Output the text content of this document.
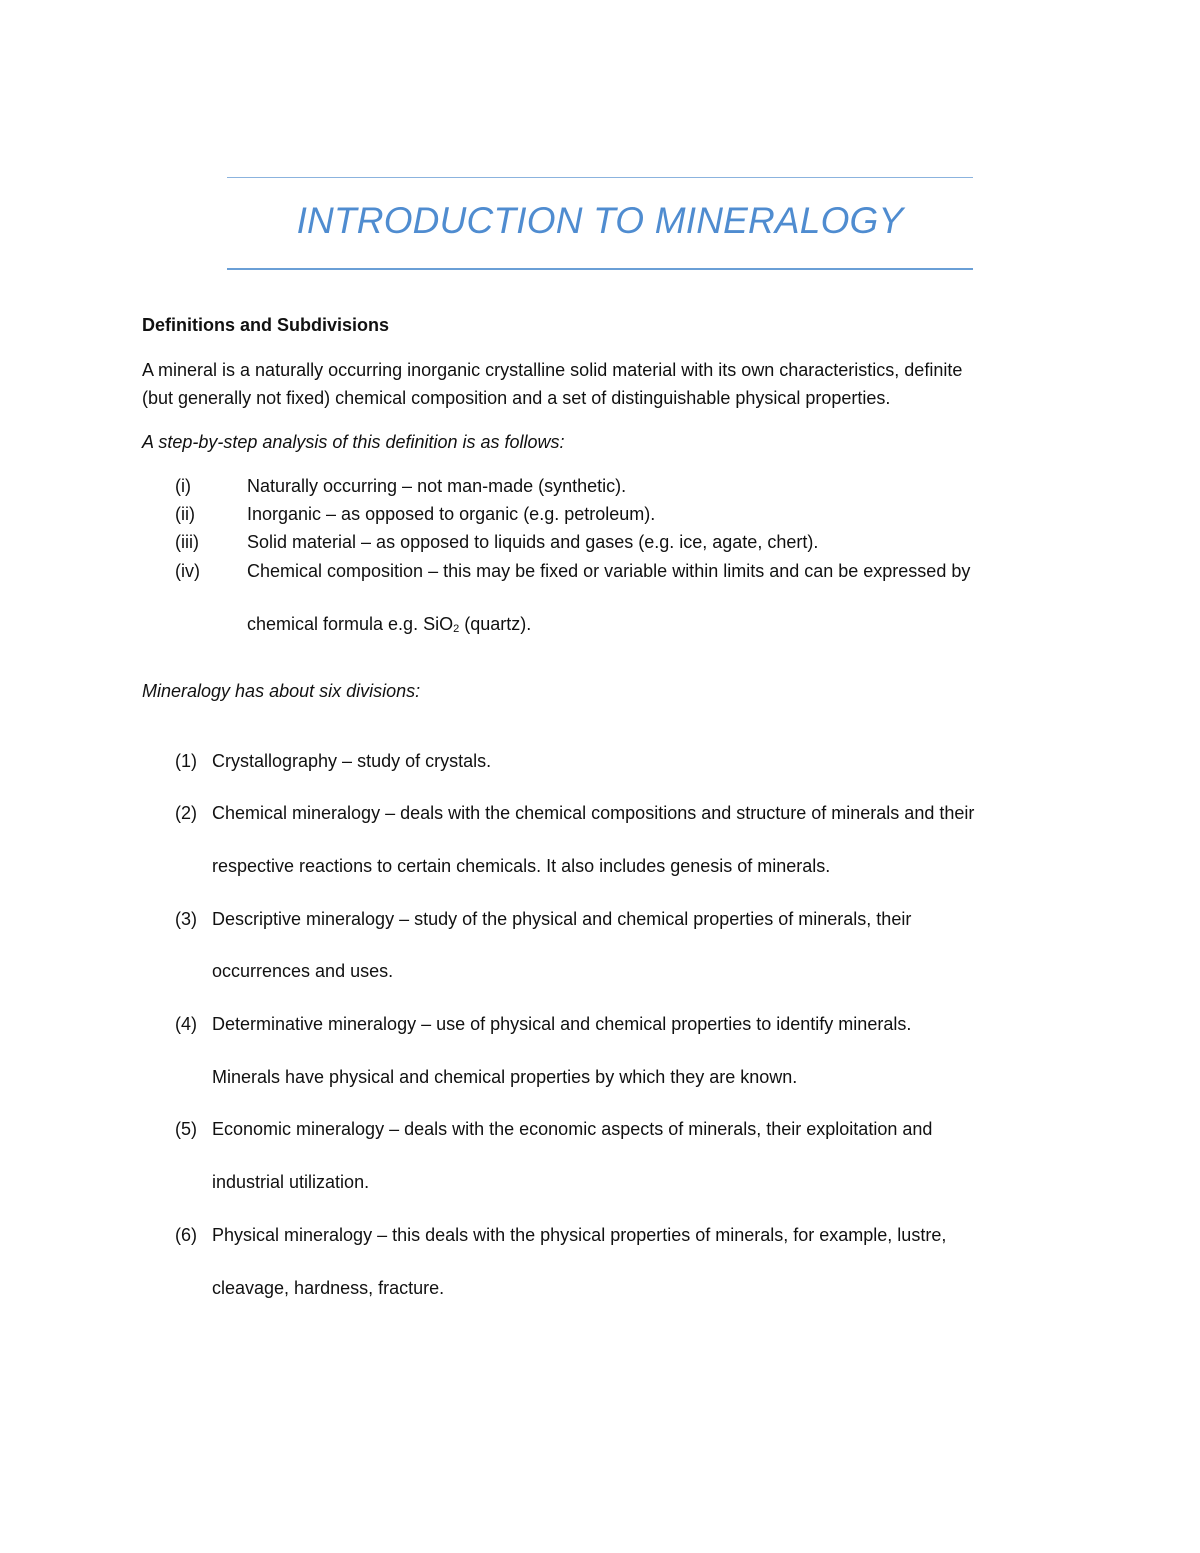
INTRODUCTION TO MINERALOGY
Definitions and Subdivisions
A mineral is a naturally occurring inorganic crystalline solid material with its own characteristics, definite
(but generally not fixed) chemical composition and a set of distinguishable physical properties.
A step-by-step analysis of this definition is as follows:
(i)	Naturally occurring – not man-made (synthetic).
(ii)	Inorganic – as opposed to organic (e.g. petroleum).
(iii)	Solid material – as opposed to liquids and gases (e.g. ice, agate, chert).
(iv)	Chemical composition – this may be fixed or variable within limits and can be expressed by
chemical formula e.g. SiO$_2$ (quartz).
Mineralogy has about six divisions:
(1) Crystallography – study of crystals.
(2) Chemical mineralogy – deals with the chemical compositions and structure of minerals and their
respective reactions to certain chemicals. It also includes genesis of minerals.
(3) Descriptive mineralogy – study of the physical and chemical properties of minerals, their
occurrences and uses.
(4) Determinative mineralogy – use of physical and chemical properties to identify minerals.
Minerals have physical and chemical properties by which they are known.
(5) Economic mineralogy – deals with the economic aspects of minerals, their exploitation and
industrial utilization.
(6) Physical mineralogy – this deals with the physical properties of minerals, for example, lustre,
cleavage, hardness, fracture.
